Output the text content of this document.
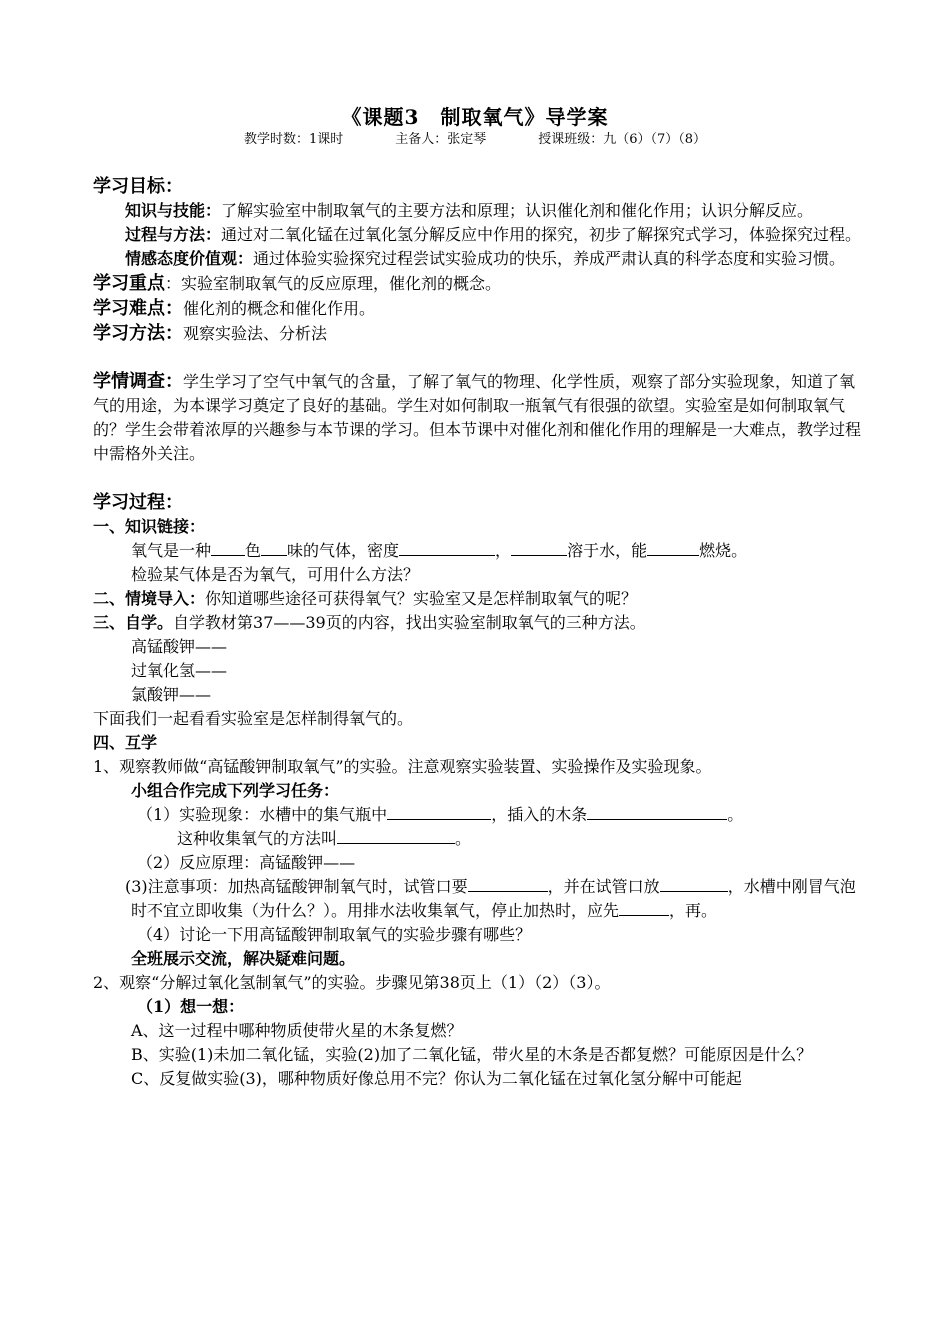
《课题3　制取氧气》导学案
教学时数：1课时　　　　主备人：张定琴　　　　授课班级：九（6）（7）（8）

学习目标：

知识与技能：了解实验室中制取氧气的主要方法和原理；认识催化剂和催化作用；认识分解反应。

过程与方法：通过对二氧化锰在过氧化氢分解反应中作用的探究，初步了解探究式学习，体验探究过程。

情感态度价值观：通过体验实验探究过程尝试实验成功的快乐，养成严肃认真的科学态度和实验习惯。

学习重点：实验室制取氧气的反应原理，催化剂的概念。

学习难点：催化剂的概念和催化作用。

学习方法：观察实验法、分析法

学情调查：学生学习了空气中氧气的含量，了解了氧气的物理、化学性质，观察了部分实验现象，知道了氧气的用途，为本课学习奠定了良好的基础。学生对如何制取一瓶氧气有很强的欲望。实验室是如何制取氧气的？学生会带着浓厚的兴趣参与本节课的学习。但本节课中对催化剂和催化作用的理解是一大难点，教学过程中需格外关注。

学习过程：

一、知识链接：

氧气是一种 色 味的气体，密度	，	溶于水，能	燃烧。

检验某气体是否为氧气，可用什么方法？

二、情境导入：你知道哪些途径可获得氧气？实验室又是怎样制取氧气的呢？

三、自学。自学教材第37——39页的内容，找出实验室制取氧气的三种方法。

高锰酸钾——

过氧化氢——

氯酸钾——

下面我们一起看看实验室是怎样制得氧气的。

四、互学

1、观察教师做“高锰酸钾制取氧气”的实验。注意观察实验装置、实验操作及实验现象。

小组合作完成下列学习任务：

（1）实验现象：水槽中的集气瓶中	，插入的木条	。

这种收集氧气的方法叫	。

（2）反应原理：高锰酸钾——

(3)注意事项：加热高锰酸钾制氧气时，试管口要	，并在试管口放	，水槽中刚冒气泡时不宜立即收集（为什么？）。用排水法收集氧气，停止加热时，应先	，再。

（4）讨论一下用高锰酸钾制取氧气的实验步骤有哪些？

全班展示交流，解决疑难问题。

2、观察“分解过氧化氢制氧气”的实验。步骤见第38页上（1）（2）（3）。

（1）想一想：

A、这一过程中哪种物质使带火星的木条复燃？

B、实验(1)未加二氧化锰，实验(2)加了二氧化锰，带火星的木条是否都复燃？可能原因是什么？

C、反复做实验(3)，哪种物质好像总用不完？你认为二氧化锰在过氧化氢分解中可能起
